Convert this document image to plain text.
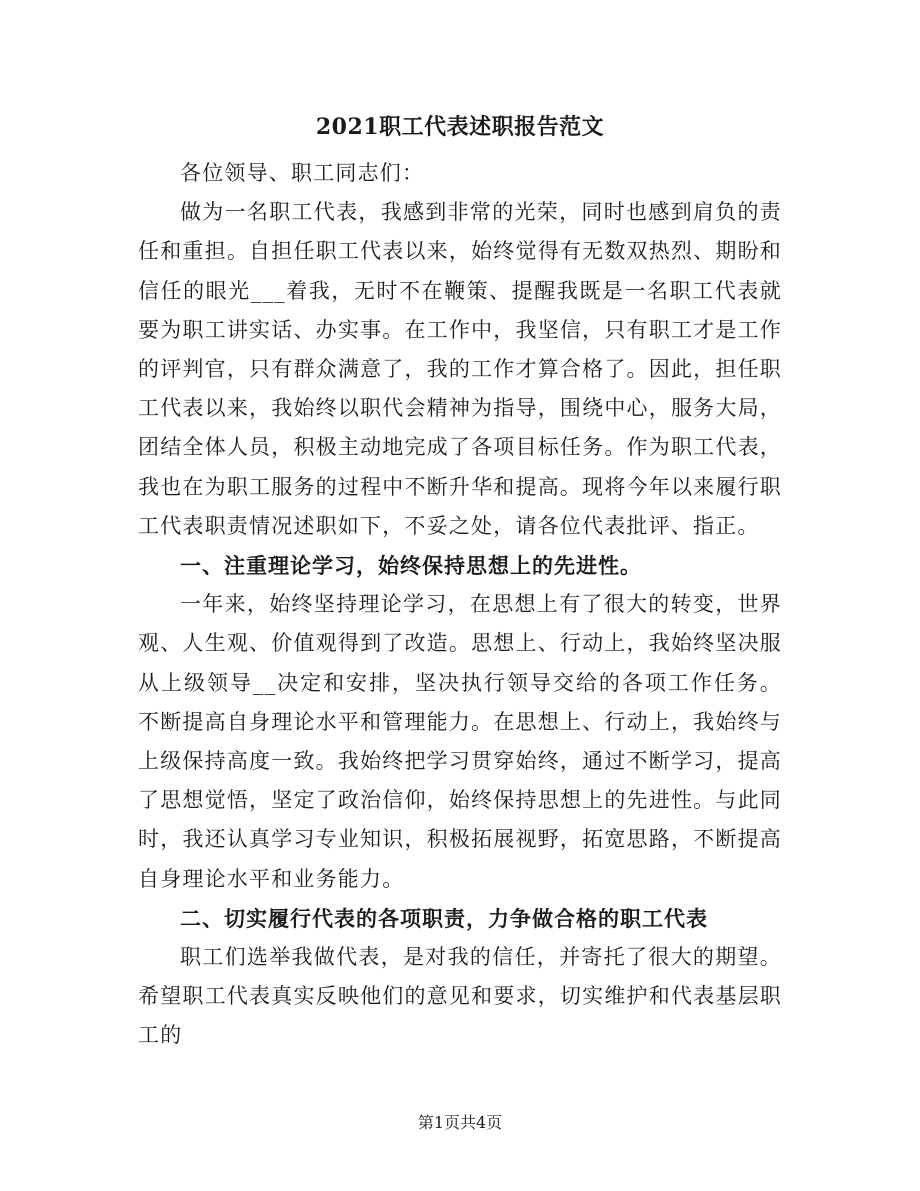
2021职工代表述职报告范文

各位领导、职工同志们：

做为一名职工代表，我感到非常的光荣，同时也感到肩负的责任和重担。自担任职工代表以来，始终觉得有无数双热烈、期盼和信任的眼光___着我，无时不在鞭策、提醒我既是一名职工代表就要为职工讲实话、办实事。在工作中，我坚信，只有职工才是工作的评判官，只有群众满意了，我的工作才算合格了。因此，担任职工代表以来，我始终以职代会精神为指导，围绕中心，服务大局，团结全体人员，积极主动地完成了各项目标任务。作为职工代表，我也在为职工服务的过程中不断升华和提高。现将今年以来履行职工代表职责情况述职如下，不妥之处，请各位代表批评、指正。

一、注重理论学习，始终保持思想上的先进性。

一年来，始终坚持理论学习，在思想上有了很大的转变，世界观、人生观、价值观得到了改造。思想上、行动上，我始终坚决服从上级领导__决定和安排，坚决执行领导交给的各项工作任务。不断提高自身理论水平和管理能力。在思想上、行动上，我始终与上级保持高度一致。我始终把学习贯穿始终，通过不断学习，提高了思想觉悟，坚定了政治信仰，始终保持思想上的先进性。与此同时，我还认真学习专业知识，积极拓展视野，拓宽思路，不断提高自身理论水平和业务能力。

二、切实履行代表的各项职责，力争做合格的职工代表

职工们选举我做代表，是对我的信任，并寄托了很大的期望。希望职工代表真实反映他们的意见和要求，切实维护和代表基层职工的

第1页共4页
